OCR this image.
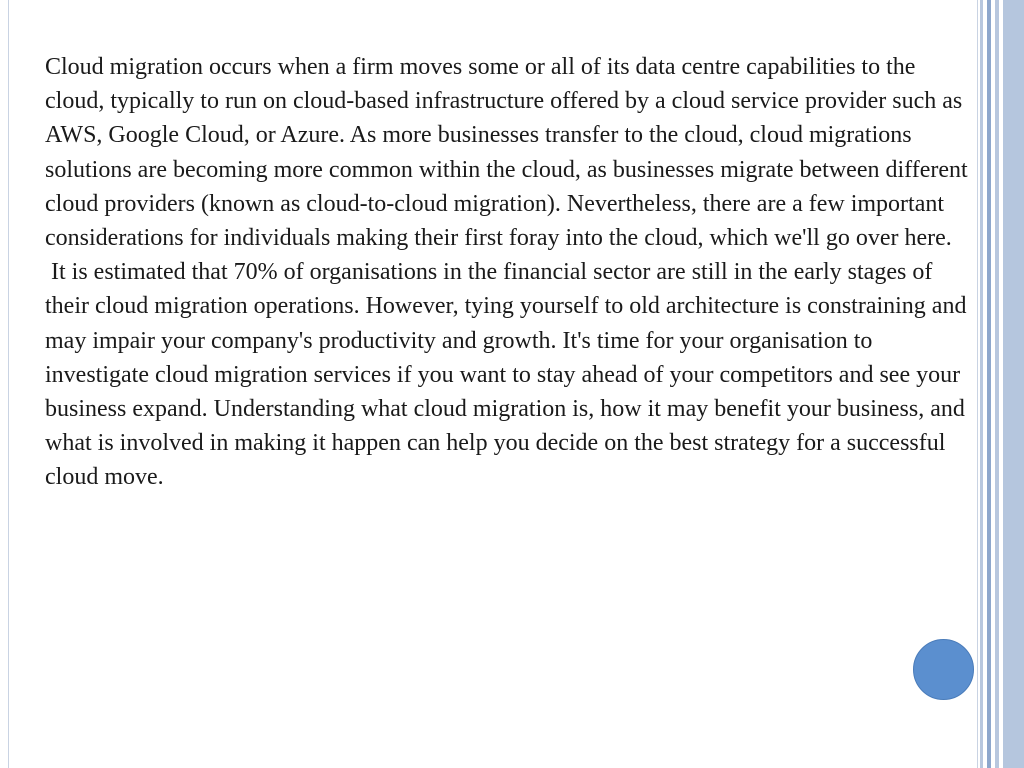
Cloud migration occurs when a firm moves some or all of its data centre capabilities to the cloud, typically to run on cloud-based infrastructure offered by a cloud service provider such as AWS, Google Cloud, or Azure. As more businesses transfer to the cloud, cloud migrations solutions are becoming more common within the cloud, as businesses migrate between different cloud providers (known as cloud-to-cloud migration). Nevertheless, there are a few important considerations for individuals making their first foray into the cloud, which we'll go over here.

It is estimated that 70% of organisations in the financial sector are still in the early stages of their cloud migration operations. However, tying yourself to old architecture is constraining and may impair your company's productivity and growth. It's time for your organisation to investigate cloud migration services if you want to stay ahead of your competitors and see your business expand. Understanding what cloud migration is, how it may benefit your business, and what is involved in making it happen can help you decide on the best strategy for a successful cloud move.
